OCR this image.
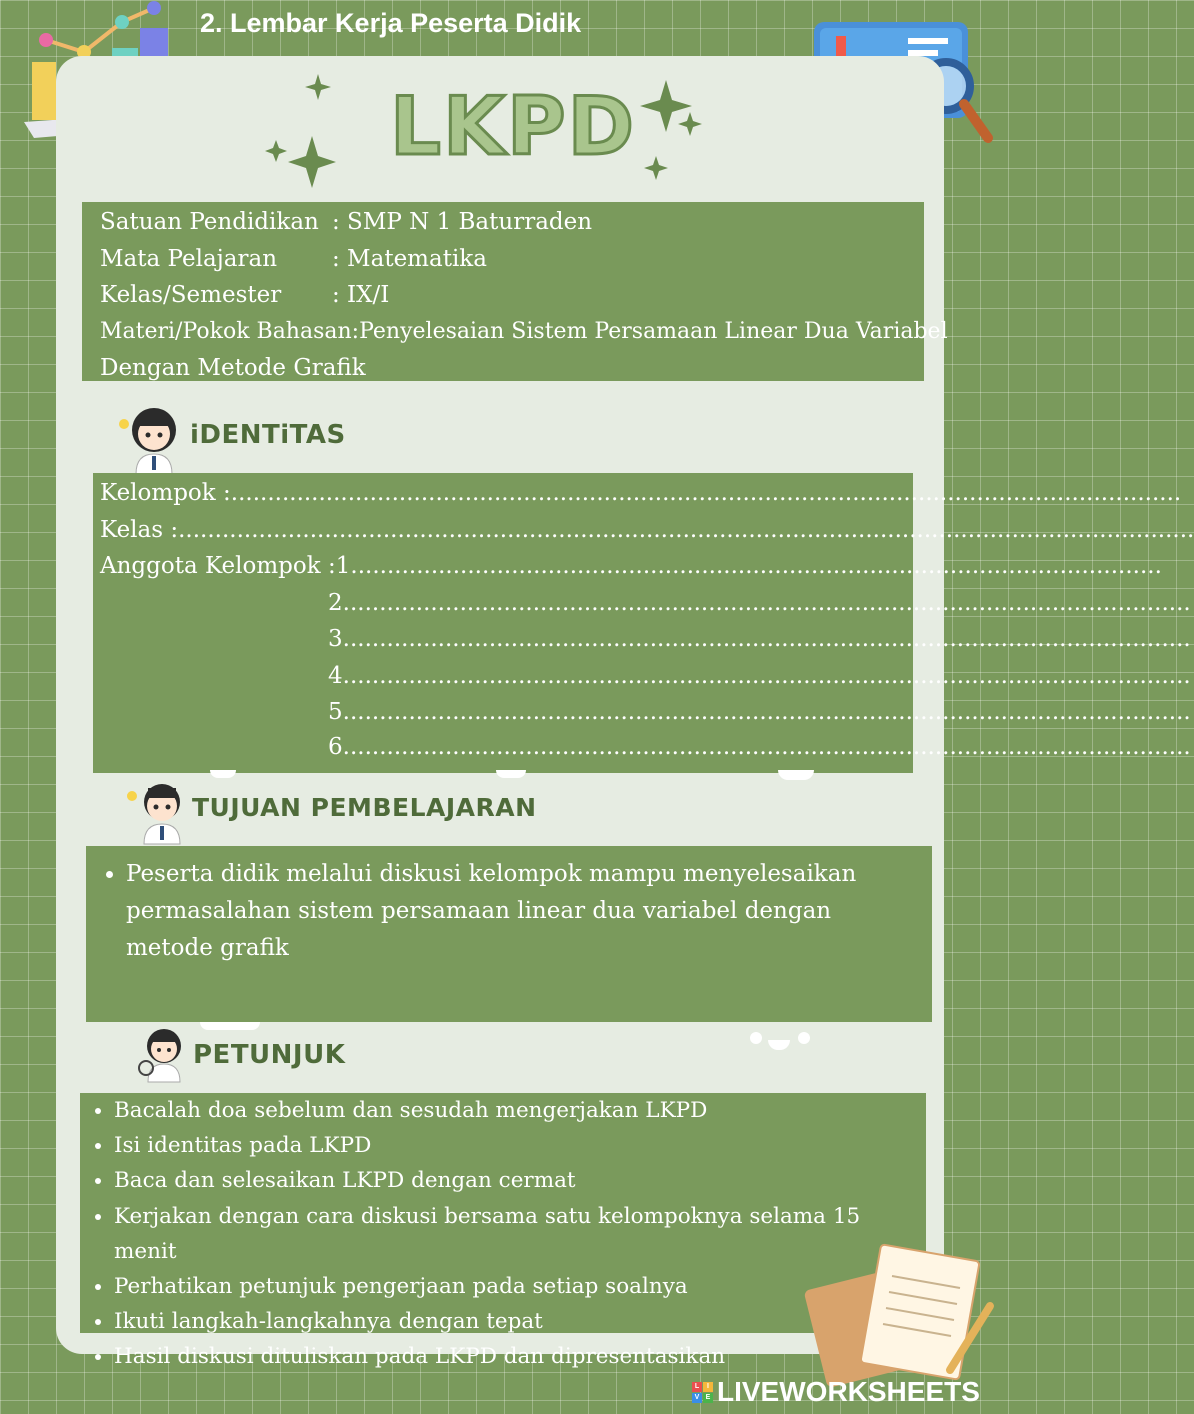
2. Lembar Kerja Peserta Didik
LKPD
Satuan Pendidikan : SMP N 1 Baturraden
Mata Pelajaran : Matematika
Kelas/Semester : IX/I
Materi/Pokok Bahasan:Penyelesaian Sistem Persamaan Linear Dua Variabel
Dengan Metode Grafik
iDENTiTAS
Kelompok : ..................................................................................................................................
Kelas : ...........................................................................................................................................
Anggota Kelompok : 1. ..............................................................................................................
2. ...................................................................................................................
3. ...................................................................................................................
4. ...................................................................................................................
5. ...................................................................................................................
6. ...................................................................................................................
TUJUAN PEMBELAJARAN
• Peserta didik melalui diskusi kelompok mampu menyelesaikan permasalahan sistem persamaan linear dua variabel dengan metode grafik
PETUNJUK
• Bacalah doa sebelum dan sesudah mengerjakan LKPD
• Isi identitas pada LKPD
• Baca dan selesaikan LKPD dengan cermat
• Kerjakan dengan cara diskusi bersama satu kelompoknya selama 15 menit
• Perhatikan petunjuk pengerjaan pada setiap soalnya
• Ikuti langkah-langkahnya dengan tepat
• Hasil diskusi dituliskan pada LKPD dan dipresentasikan
L	I
V E LIVEWORKSHEETS
